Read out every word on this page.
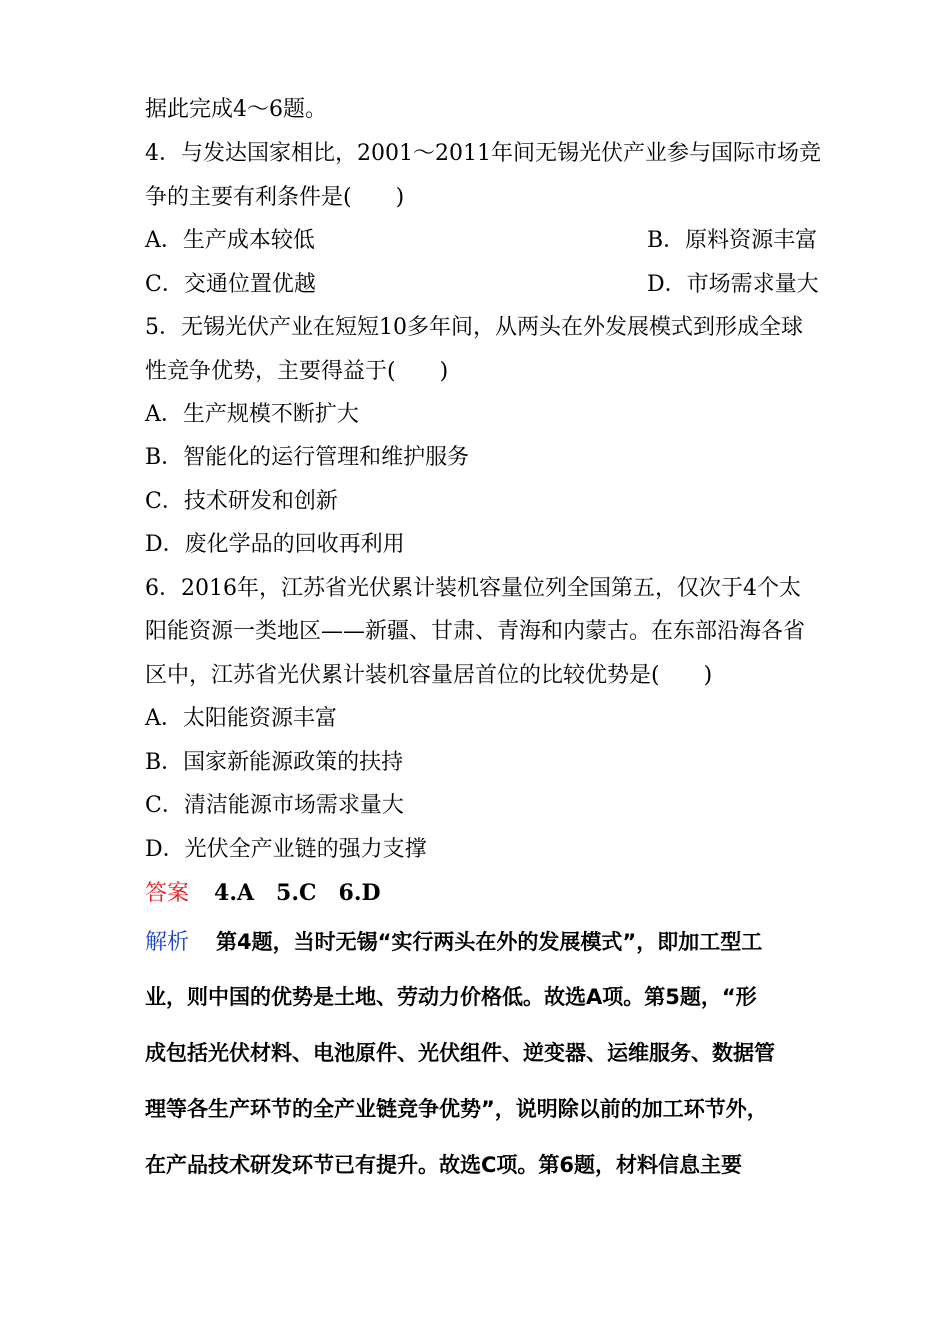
据此完成4～6题。
4．与发达国家相比，2001～2011年间无锡光伏产业参与国际市场竞
争的主要有利条件是(　　)
A．生产成本较低	B．原料资源丰富
C．交通位置优越	D．市场需求量大
5．无锡光伏产业在短短10多年间，从两头在外发展模式到形成全球
性竞争优势，主要得益于(　　)
A．生产规模不断扩大
B．智能化的运行管理和维护服务
C．技术研发和创新
D．废化学品的回收再利用
6．2016年，江苏省光伏累计装机容量位列全国第五，仅次于4个太
阳能资源一类地区——新疆、甘肃、青海和内蒙古。在东部沿海各省
区中，江苏省光伏累计装机容量居首位的比较优势是(　　)
A．太阳能资源丰富
B．国家新能源政策的扶持
C．清洁能源市场需求量大
D．光伏全产业链的强力支撑
答案 4.A　5.C　6.D
解析 第4题，当时无锡“实行两头在外的发展模式”，即加工型工
业，则中国的优势是土地、劳动力价格低。故选A项。第5题，“形
成包括光伏材料、电池原件、光伏组件、逆变器、运维服务、数据管
理等各生产环节的全产业链竞争优势”，说明除以前的加工环节外，
在产品技术研发环节已有提升。故选C项。第6题，材料信息主要
